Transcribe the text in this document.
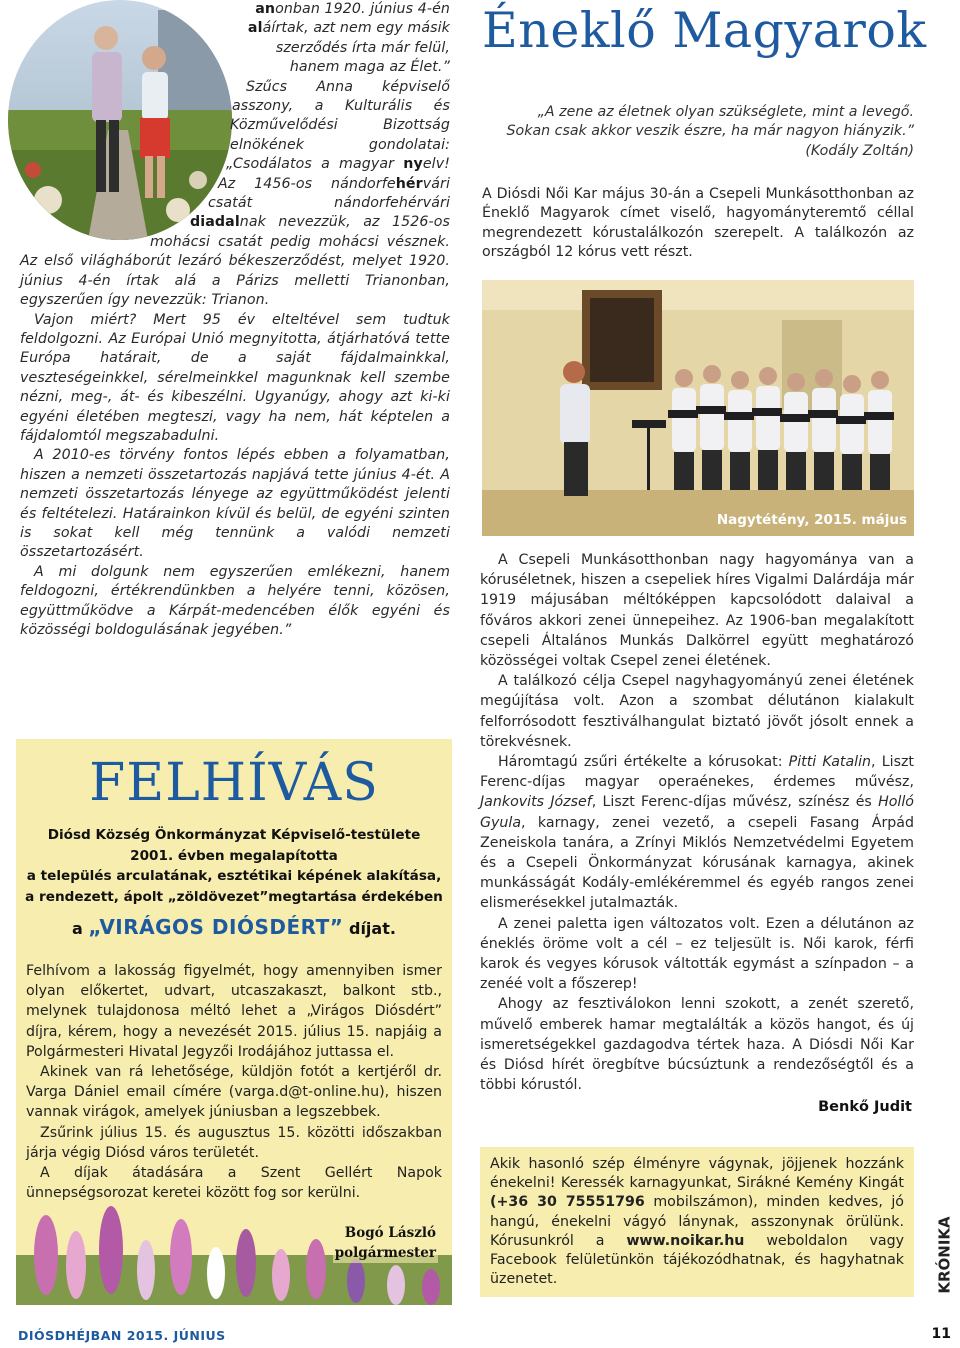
anonban 1920. június 4-én aláírtak, azt nem egy másik szerződés írta már felül, hanem maga az Élet.”

Szűcs Anna képviselő asszony, a Kulturális és Közművelődési Bizottság elnökének gondolatai: „Csodálatos a magyar nyelv! Az 1456-os nándorfehérvári csatát nándorfehérvári diadalnak nevezzük, az 1526-os mohácsi csatát pedig mohácsi vésznek. Az első világháborút lezáró békeszerződést, melyet 1920. június 4-én írtak alá a Párizs melletti Trianonban, egyszerűen így nevezzük: Trianon.

Vajon miért? Mert 95 év elteltével sem tudtuk feldolgozni. Az Európai Unió megnyitotta, átjárhatóvá tette Európa határait, de a saját fájdalmainkkal, veszteségeinkkel, sérelmeinkkel magunknak kell szembe nézni, meg-, át- és kibeszélni. Ugyanúgy, ahogy azt ki-ki egyéni életében megteszi, vagy ha nem, hát képtelen a fájdalomtól megszabadulni.

A 2010-es törvény fontos lépés ebben a folyamatban, hiszen a nemzeti összetartozás napjává tette június 4-ét. A nemzeti összetartozás lényege az együttműködést jelenti és feltételezi. Határainkon kívül és belül, de egyéni szinten is sokat kell még tennünk a valódi nemzeti összetartozásért.

A mi dolgunk nem egyszerűen emlékezni, hanem feldogozni, értékrendünkben a helyére tenni, közösen, együttműködve a Kárpát-medencében élők egyéni és közösségi boldogulásának jegyében.”

FELHÍVÁS
Diósd Község Önkormányzat Képviselő-testülete
2001. évben megalapította
a település arculatának, esztétikai képének alakítása,
a rendezett, ápolt „zöldövezet”megtartása érdekében
a „VIRÁGOS DIÓSDÉRT” díjat.

Felhívom a lakosság figyelmét, hogy amennyiben ismer olyan előkertet, udvart, utcaszakaszt, balkont stb., melynek tulajdonosa méltó lehet a „Virágos Diósdért” díjra, kérem, hogy a nevezését 2015. július 15. napjáig a Polgármesteri Hivatal Jegyzői Irodájához juttassa el.

Akinek van rá lehetősége, küldjön fotót a kertjéről dr. Varga Dániel email címére (varga.d@t-online.hu), hiszen vannak virágok, amelyek júniusban a legszebbek.

Zsűrink július 15. és augusztus 15. közötti időszakban járja végig Diósd város területét.

A díjak átadására a Szent Gellért Napok ünnepségsorozat keretei között fog sor kerülni.

Bogó László
polgármester
Éneklő Magyarok
„A zene az életnek olyan szükséglete, mint a levegő.
Sokan csak akkor veszik észre, ha már nagyon hiányzik.”
(Kodály Zoltán)

A Diósdi Női Kar május 30-án a Csepeli Munkásotthonban az Éneklő Magyarok címet viselő, hagyományteremtő céllal megrendezett kórustalálkozón szerepelt. A találkozón az országból 12 kórus vett részt.

Nagytétény, 2015. május 20.

A Csepeli Munkásotthonban nagy hagyománya van a kóruséletnek, hiszen a csepeliek híres Vigalmi Dalárdája már 1919 májusában méltóképpen kapcsolódott dalaival a főváros akkori zenei ünnepeihez. Az 1906-ban megalakított csepeli Általános Munkás Dalkörrel együtt meghatározó közösségei voltak Csepel zenei életének.

A találkozó célja Csepel nagyhagyományú zenei életének megújítása volt. Azon a szombat délutánon kialakult felforrósodott fesztiválhangulat biztató jövőt jósolt ennek a törekvésnek.

Háromtagú zsűri értékelte a kórusokat: Pitti Katalin, Liszt Ferenc-díjas magyar operaénekes, érdemes művész, Jankovits József, Liszt Ferenc-díjas művész, színész és Holló Gyula, karnagy, zenei vezető, a csepeli Fasang Árpád Zeneiskola tanára, a Zrínyi Miklós Nemzetvédelmi Egyetem és a Csepeli Önkormányzat kórusának karnagya, akinek munkásságát Kodály-emlékéremmel és egyéb rangos zenei elismerésekkel jutalmazták.

A zenei paletta igen változatos volt. Ezen a délutánon az éneklés öröme volt a cél – ez teljesült is. Női karok, férfi karok és vegyes kórusok váltották egymást a színpadon – a zenéé volt a főszerep!

Ahogy az fesztiválokon lenni szokott, a zenét szerető, művelő emberek hamar megtalálták a közös hangot, és új ismeretségekkel gazdagodva tértek haza. A Diósdi Női Kar és Diósd hírét öregbítve búcsúztunk a rendezőségtől és a többi kórustól.

Benkő Judit

Akik hasonló szép élményre vágynak, jöjjenek hozzánk énekelni! Keressék karnagyunkat, Sirákné Kemény Kingát (+36 30 75551796 mobilszámon), minden kedves, jó hangú, énekelni vágyó lánynak, asszonynak örülünk. Kórusunkról a www.noikar.hu weboldalon vagy Facebook felületünkön tájékozódhatnak, és hagyhatnak üzenetet.	KRÓNIKA
DIÓSDHÉJBAN 2015. JÚNIUS	11
